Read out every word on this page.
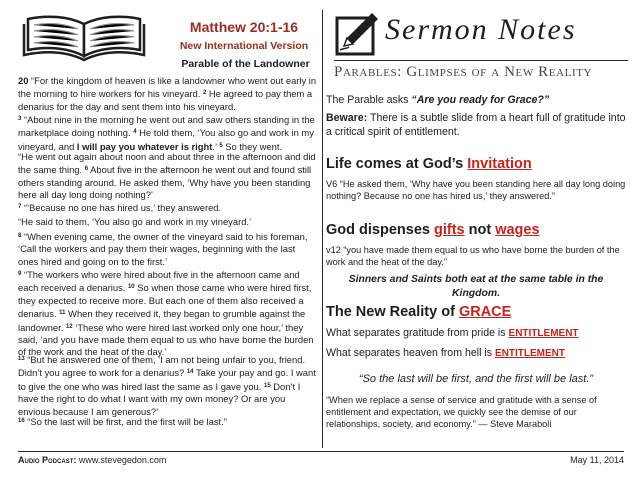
Matthew 20:1-16
New International Version
Parable of the Landowner

20 “For the kingdom of heaven is like a landowner who went out early in the morning to hire workers for his vineyard. $^2$ He agreed to pay them a denarius for the day and sent them into his vineyard.

$^3$ “About nine in the morning he went out and saw others standing in the marketplace doing nothing. $^4$ He told them, ‘You also go and work in my vineyard, and I will pay you whatever is right.’ $^5$ So they went.

“He went out again about noon and about three in the afternoon and did the same thing. $^6$ About five in the afternoon he went out and found still others standing around. He asked them, ‘Why have you been standing here all day long doing nothing?’

$^7$ “‘Because no one has hired us,’ they answered.

“He said to them, ‘You also go and work in my vineyard.’

$^8$ “When evening came, the owner of the vineyard said to his foreman, ‘Call the workers and pay them their wages, beginning with the last ones hired and going on to the first.’

$^9$ “The workers who were hired about five in the afternoon came and each received a denarius. $^{10}$ So when those came who were hired first, they expected to receive more. But each one of them also received a denarius. $^{11}$ When they received it, they began to grumble against the landowner. $^{12}$ ‘These who were hired last worked only one hour,’ they said, ‘and you have made them equal to us who have borne the burden of the work and the heat of the day.’

$^{13}$ “But he answered one of them, ‘I am not being unfair to you, friend. Didn’t you agree to work for a denarius? $^{14}$ Take your pay and go. I want to give the one who was hired last the same as I gave you. $^{15}$ Don’t I have the right to do what I want with my own money? Or are you envious because I am generous?’

$^{16}$ “So the last will be first, and the first will be last.”

Sermon Notes
Parables: Glimpses of a New Reality

The Parable asks “Are you ready for Grace?”

Beware: There is a subtle slide from a heart full of gratitude into a critical spirit of entitlement.

Life comes at God’s Invitation

V6 “He asked them, ‘Why have you been standing here all day long doing nothing? Because no one has hired us,’ they answered.”

God dispenses gifts not wages

v12 “you have made them equal to us who have borne the burden of the work and the heat of the day.”

Sinners and Saints both eat at the same table in the Kingdom.

The New Reality of GRACE

What separates gratitude from pride is ENTITLEMENT

What separates heaven from hell is ENTITLEMENT

“So the last will be first, and the first will be last.”

“When we replace a sense of service and gratitude with a sense of entitlement and expectation, we quickly see the demise of our relationships, society, and economy.” — Steve Maraboli

Audio Podcast: www.stevegedon.com	May 11, 2014
